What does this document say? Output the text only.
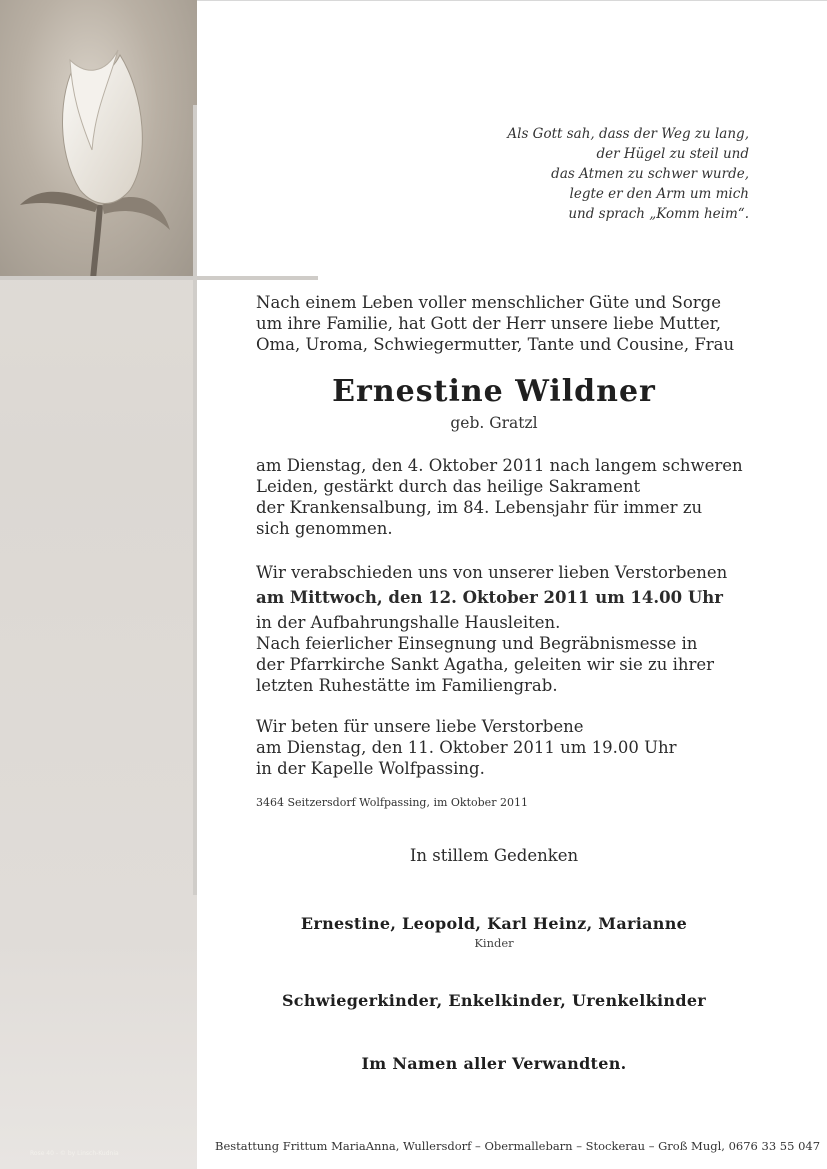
Rose 40 - © by Linsch-Kudnia
Als Gott sah, dass der Weg zu lang,
der Hügel zu steil und
das Atmen zu schwer wurde,
legte er den Arm um mich
und sprach „Komm heim“.
Nach einem Leben voller menschlicher Güte und Sorge
um ihre Familie, hat Gott der Herr unsere liebe Mutter,
Oma, Uroma, Schwiegermutter, Tante und Cousine, Frau
Ernestine Wildner
geb. Gratzl
am Dienstag, den 4. Oktober 2011 nach langem schweren
Leiden, gestärkt durch das heilige Sakrament
der Krankensalbung, im 84. Lebensjahr für immer zu
sich genommen.
Wir verabschieden uns von unserer lieben Verstorbenen
am Mittwoch, den 12. Oktober 2011 um 14.00 Uhr
in der Aufbahrungshalle Hausleiten.
Nach feierlicher Einsegnung und Begräbnismesse in
der Pfarrkirche Sankt Agatha, geleiten wir sie zu ihrer
letzten Ruhestätte im Familiengrab.
Wir beten für unsere liebe Verstorbene
am Dienstag, den 11. Oktober 2011 um 19.00 Uhr
in der Kapelle Wolfpassing.
3464 Seitzersdorf Wolfpassing, im Oktober 2011
In stillem Gedenken
Ernestine, Leopold, Karl Heinz, Marianne
Kinder
Schwiegerkinder, Enkelkinder, Urenkelkinder
Im Namen aller Verwandten.
Bestattung Frittum MariaAnna, Wullersdorf – Obermallebarn – Stockerau – Groß Mugl, 0676 33 55 047
